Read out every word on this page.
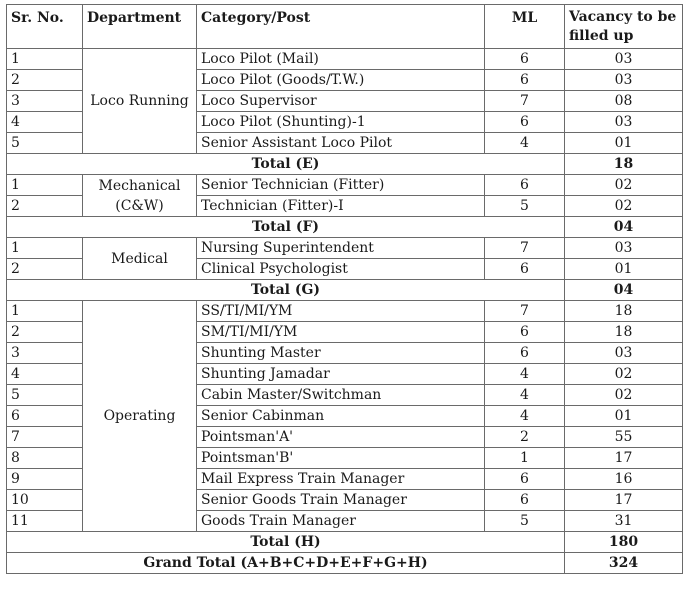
Sr. No.	Department	Category/Post	ML	Vacancy to be filled up
1	Loco Running	Loco Pilot (Mail)	6	03
2		Loco Pilot (Goods/T.W.)	6	03
3		Loco Supervisor	7	08
4		Loco Pilot (Shunting)-1	6	03
5		Senior Assistant Loco Pilot	4	01
Total (E)				18
1	Mechanical (C&W)	Senior Technician (Fitter)	6	02
2		Technician (Fitter)-I	5	02
Total (F)				04
1	Medical	Nursing Superintendent	7	03
2		Clinical Psychologist	6	01
Total (G)				04
1	Operating	SS/TI/MI/YM	7	18
2		SM/TI/MI/YM	6	18
3		Shunting Master	6	03
4		Shunting Jamadar	4	02
5		Cabin Master/Switchman	4	02
6		Senior Cabinman	4	01
7		Pointsman'A'	2	55
8		Pointsman'B'	1	17
9		Mail Express Train Manager	6	16
10		Senior Goods Train Manager	6	17
11		Goods Train Manager	5	31
Total (H)				180
Grand Total (A+B+C+D+E+F+G+H)				324
